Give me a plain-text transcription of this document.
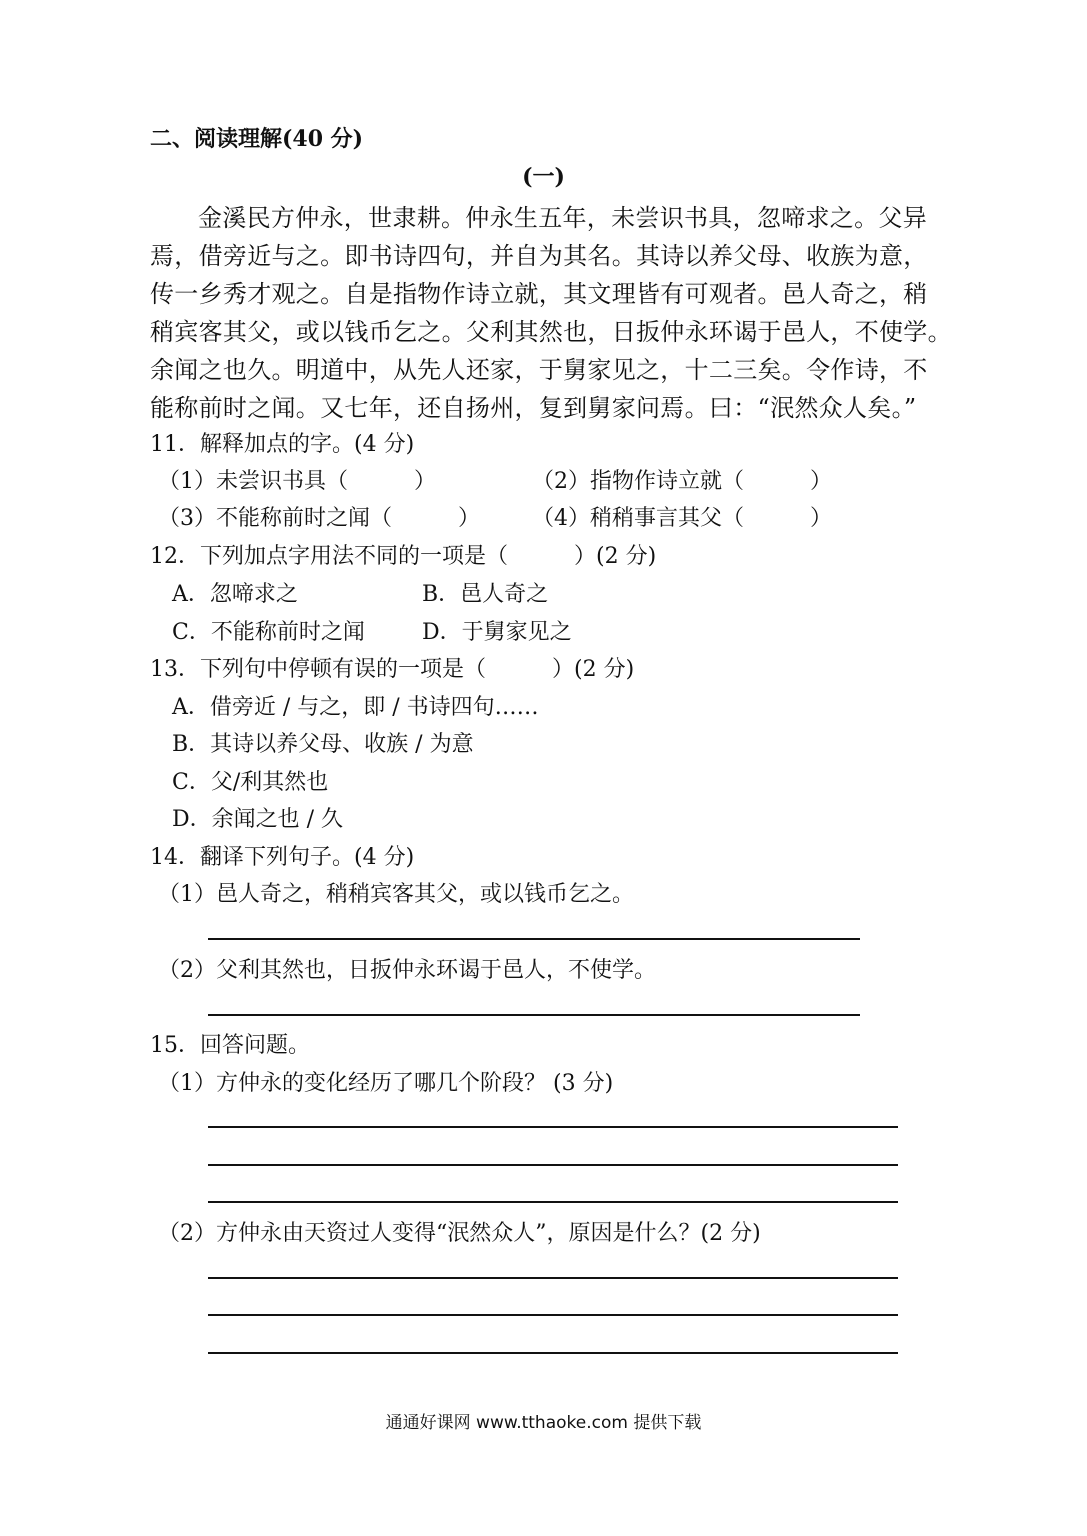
二、阅读理解(40 分)
(一)
金溪民方仲永，世隶耕。仲永生五年，未尝识书具，忽啼求之。父异
焉，借旁近与之。即书诗四句，并自为其名。其诗以养父母、收族为意，
传一乡秀才观之。自是指物作诗立就，其文理皆有可观者。邑人奇之，稍
稍宾客其父，或以钱币乞之。父利其然也，日扳仲永环谒于邑人，不使学。
余闻之也久。明道中，从先人还家，于舅家见之，十二三矣。令作诗，不
能称前时之闻。又七年，还自扬州，复到舅家问焉。曰：“泯然众人矣。”
11．解释加点的字。(4 分)
（1）未尝识书具（　　　）	（2）指物作诗立就（　　　）
（3）不能称前时之闻（　　　） （4）稍稍事言其父（　　　）
12．下列加点字用法不同的一项是（　　　）(2 分)
A．忽啼求之	B．邑人奇之
C．不能称前时之闻	D．于舅家见之
13．下列句中停顿有误的一项是（　　　）(2 分)
A．借旁近 / 与之，即 / 书诗四句……
B．其诗以养父母、收族 / 为意
C．父/利其然也
D．余闻之也 / 久
14．翻译下列句子。(4 分)
（1）邑人奇之，稍稍宾客其父，或以钱币乞之。
（2）父利其然也，日扳仲永环谒于邑人，不使学。
15．回答问题。
（1）方仲永的变化经历了哪几个阶段？ (3 分)
（2）方仲永由天资过人变得“泯然众人”，原因是什么？(2 分)
通通好课网 www.tthaoke.com 提供下载
